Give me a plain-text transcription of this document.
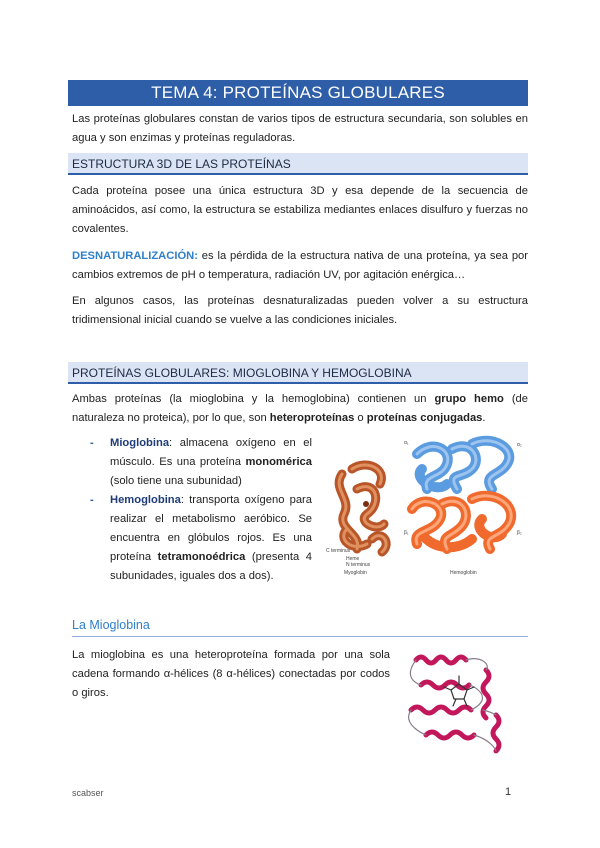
TEMA 4: PROTEÍNAS GLOBULARES
Las proteínas globulares constan de varios tipos de estructura secundaria, son solubles en agua y son enzimas y proteínas reguladoras.
ESTRUCTURA 3D DE LAS PROTEÍNAS
Cada proteína posee una única estructura 3D y esa depende de la secuencia de aminoácidos, así como, la estructura se estabiliza mediantes enlaces disulfuro y fuerzas no covalentes.
DESNATURALIZACIÓN: es la pérdida de la estructura nativa de una proteína, ya sea por cambios extremos de pH o temperatura, radiación UV, por agitación enérgica…
En algunos casos, las proteínas desnaturalizadas pueden volver a su estructura tridimensional inicial cuando se vuelve a las condiciones iniciales.
PROTEÍNAS GLOBULARES: MIOGLOBINA Y HEMOGLOBINA
Ambas proteínas (la mioglobina y la hemoglobina) contienen un grupo hemo (de naturaleza no proteica), por lo que, son heteroproteínas o proteínas conjugadas.
- Mioglobina: almacena oxígeno en el músculo. Es una proteína monomérica (solo tiene una subunidad)
- Hemoglobina: transporta oxígeno para realizar el metabolismo aeróbico. Se encuentra en glóbulos rojos. Es una proteína tetramonoédrica (presenta 4 subunidades, iguales dos a dos).
α₁	α₂
β₁	β₂
C terminus
Heme
N terminus
Myoglobin	Hemoglobin
La Mioglobina
La mioglobina es una heteroproteína formada por una sola cadena formando α-hélices (8 α-hélices) conectadas por codos o giros.
scabser	1
